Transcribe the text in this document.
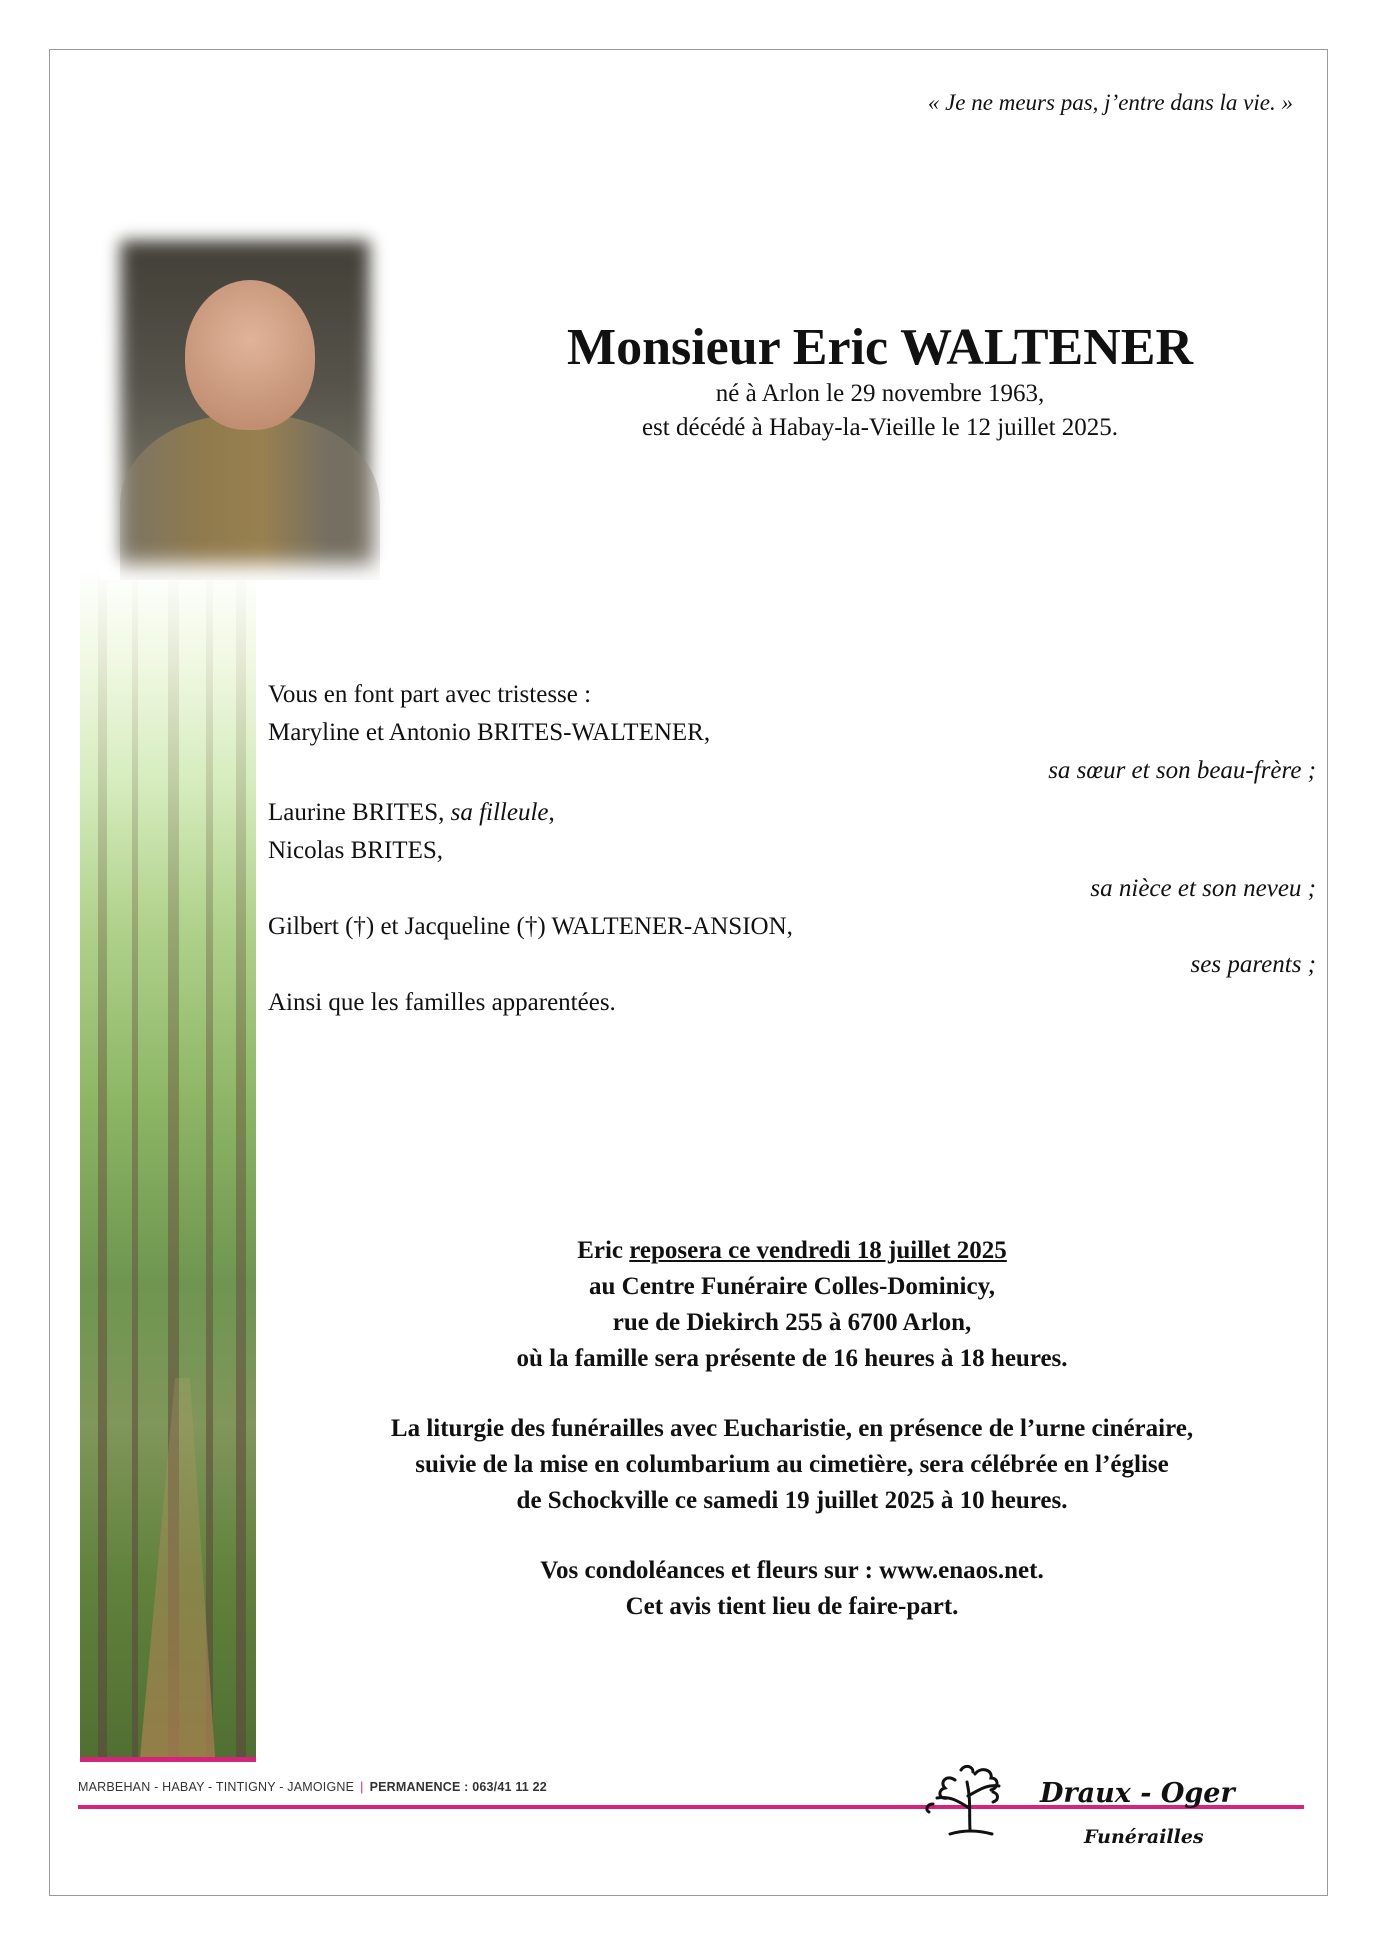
« Je ne meurs pas, j’entre dans la vie. »
Monsieur Eric WALTENER
né à Arlon le 29 novembre 1963,
est décédé à Habay-la-Vieille le 12 juillet 2025.
Vous en font part avec tristesse :
Maryline et Antonio BRITES-WALTENER,
sa sœur et son beau-frère ;
Laurine BRITES, sa filleule,
Nicolas BRITES,
sa nièce et son neveu ;
Gilbert (†) et Jacqueline (†) WALTENER-ANSION,
ses parents ;
Ainsi que les familles apparentées.
Eric reposera ce vendredi 18 juillet 2025
au Centre Funéraire Colles-Dominicy,
rue de Diekirch 255 à 6700 Arlon,
où la famille sera présente de 16 heures à 18 heures.
La liturgie des funérailles avec Eucharistie, en présence de l’urne cinéraire,
suivie de la mise en columbarium au cimetière, sera célébrée en l’église
de Schockville ce samedi 19 juillet 2025 à 10 heures.
Vos condoléances et fleurs sur : www.enaos.net.
Cet avis tient lieu de faire-part.
MARBEHAN - HABAY - TINTIGNY - JAMOIGNE | PERMANENCE : 063/41 11 22	Draux - Oger
Funérailles
